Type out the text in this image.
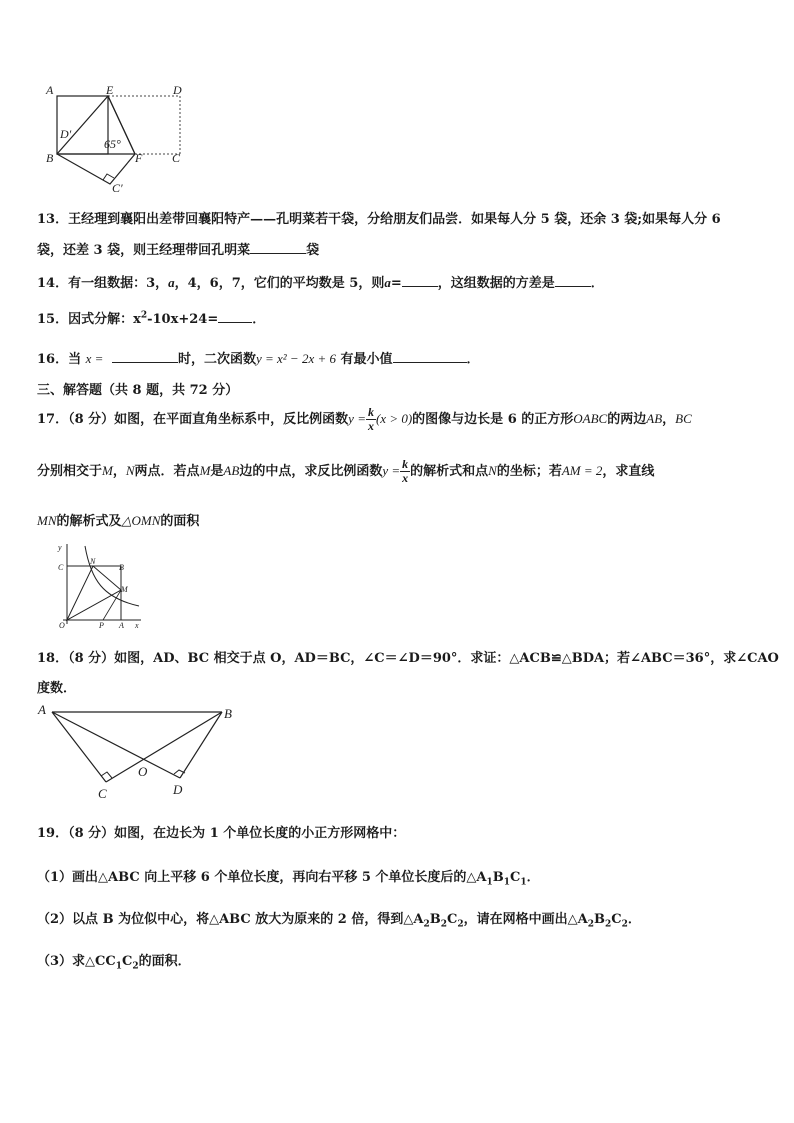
A	E	D
D′
B
65°
F C
C′
13．王经理到襄阳出差带回襄阳特产——孔明菜若干袋，分给朋友们品尝．如果每人分 5 袋，还余 3 袋;如果每人分 6
袋，还差 3 袋，则王经理带回孔明菜	袋
14．有一组数据：3，a，4，6，7，它们的平均数是 5，则a=	，这组数据的方差是	．
15．因式分解：$x^2-10x+24=$	．
16．当 x =	时，二次函数y = x² − 2x + 6 有最小值	．
三、解答题（共 8 题，共 72 分）
17．（8 分）如图，在平面直角坐标系中，反比例函数$y = \frac{k}{x} (x > 0)$的图像与边长是 6 的正方形OABC的两边AB，BC
分别相交于M，N两点．若点M是AB边的中点，求反比例函数$y = \frac{k}{x}$ 的解析式和点N的坐标；若AM = 2，求直线
MN的解析式及△OMN的面积
y
C
N
B
M
O	P A x
18．（8 分）如图，AD、BC 相交于点 O，AD＝BC，∠C＝∠D＝90°．求证：△ACB≌△BDA；若∠ABC＝36°，求∠CAO
度数．
A	B
O
C	D
19．（8 分）如图，在边长为 1 个单位长度的小正方形网格中：
（1）画出△ABC 向上平移 6 个单位长度，再向右平移 5 个单位长度后的$\triangle A_1B_1C_1$．
（2）以点 B 为位似中心，将△ABC 放大为原来的 2 倍，得到$\triangle A_2B_2C_2$，请在网格中画出$\triangle A_2B_2C_2$．
（3）求$\triangle CC_1C_2$的面积．
